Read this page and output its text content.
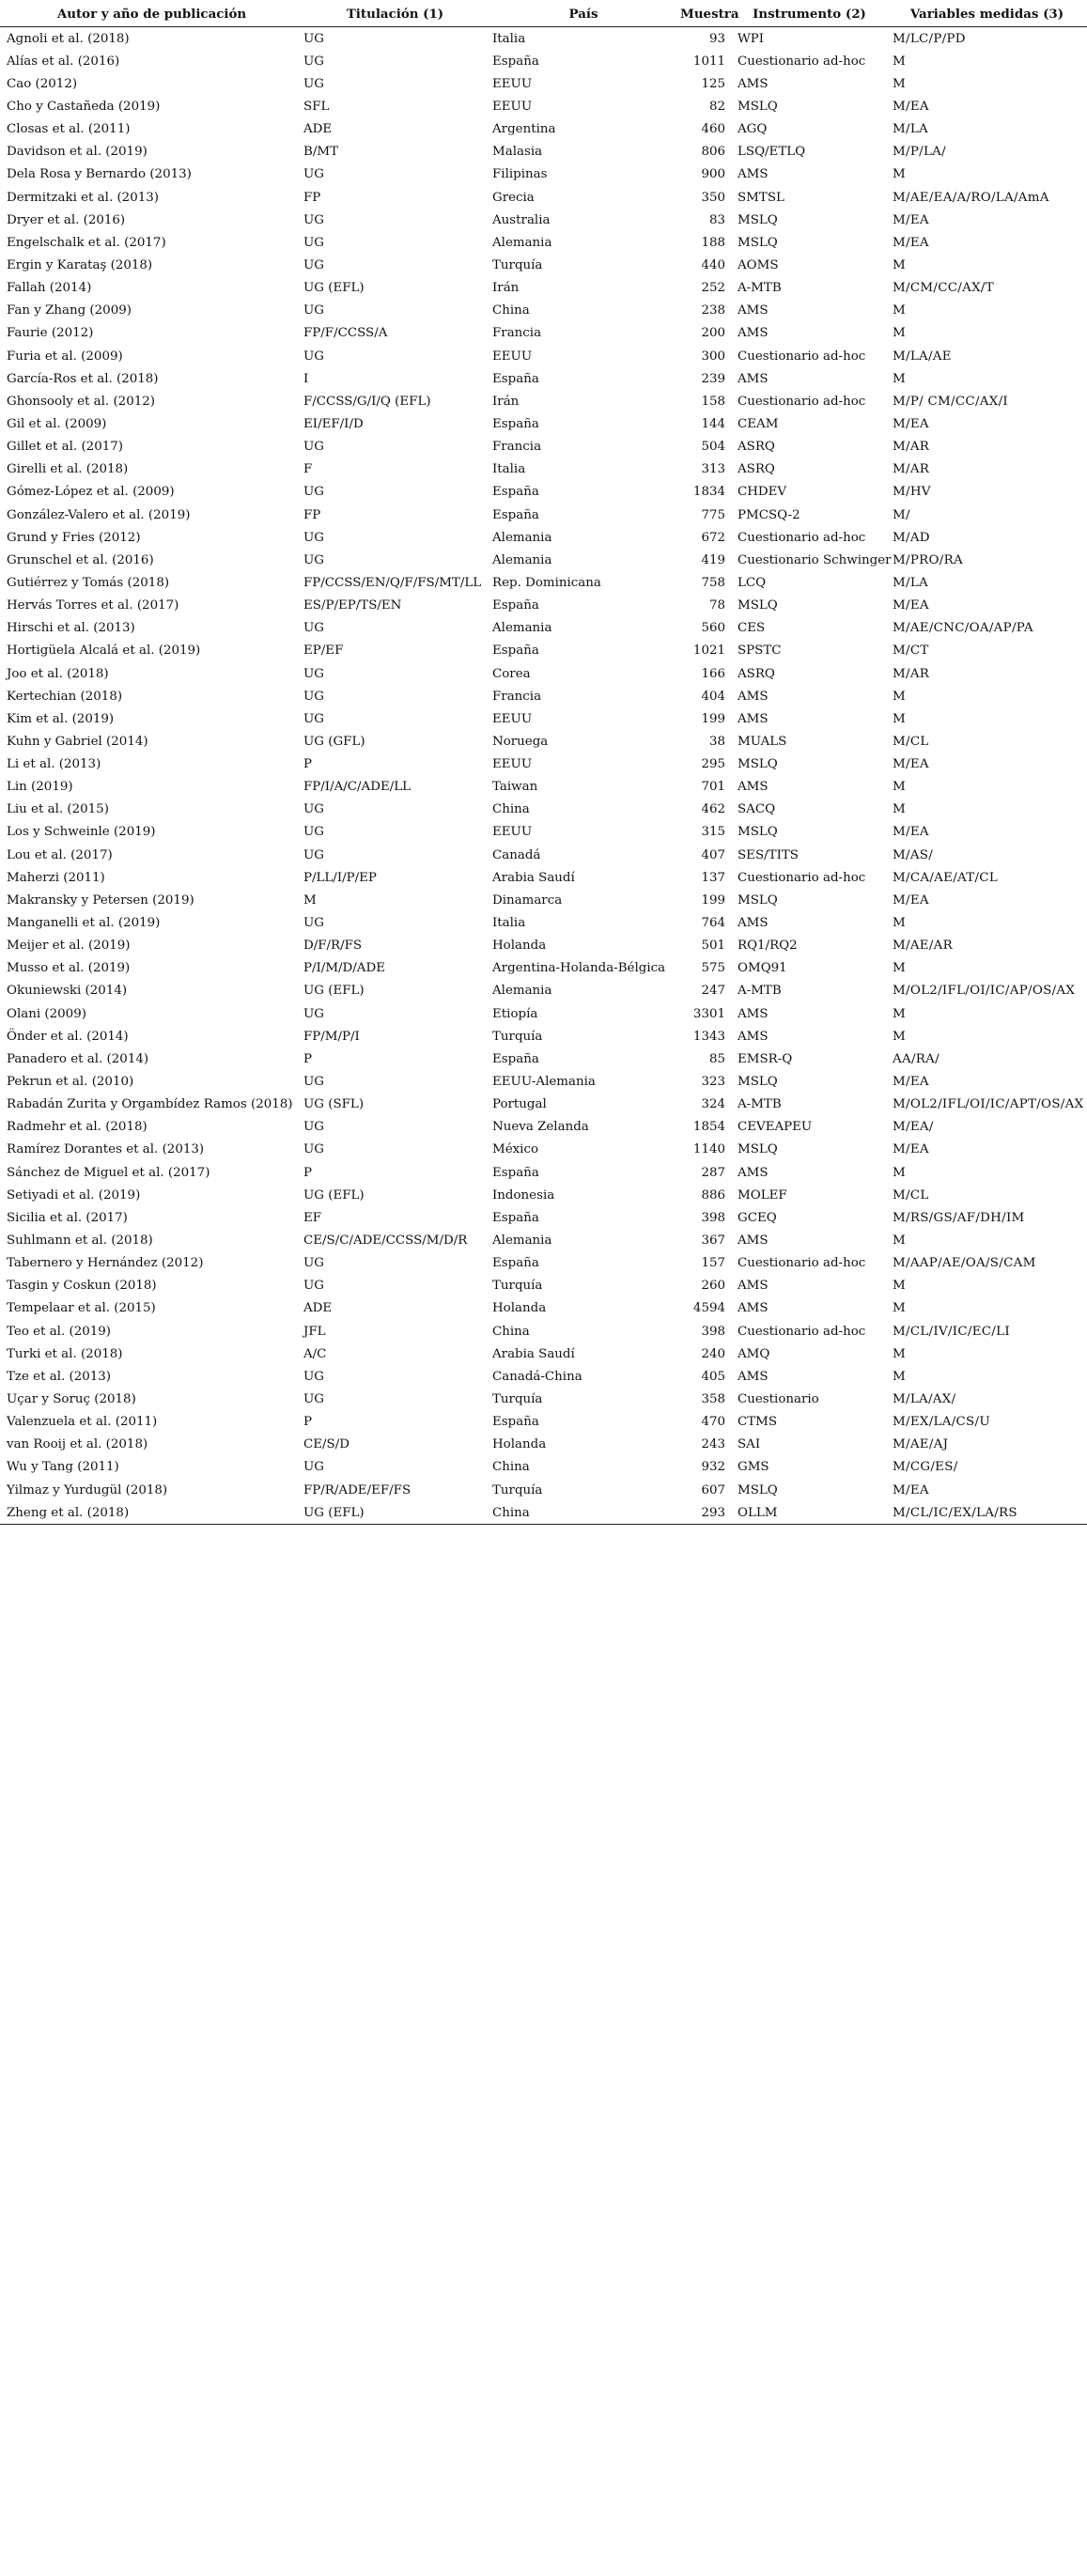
Autor y año de publicación	Titulación (1)	País	Muestra	Instrumento (2)	Variables medidas (3)
Agnoli et al. (2018)	UG	Italia	93	WPI	M/LC/P/PD
Alías et al. (2016)	UG	España	1011	Cuestionario ad-hoc	M
Cao (2012)	UG	EEUU	125	AMS	M
Cho y Castañeda (2019)	SFL	EEUU	82	MSLQ	M/EA
Closas et al. (2011)	ADE	Argentina	460	AGQ	M/LA
Davidson et al. (2019)	B/MT	Malasia	806	LSQ/ETLQ	M/P/LA/
Dela Rosa y Bernardo (2013)	UG	Filipinas	900	AMS	M
Dermitzaki et al. (2013)	FP	Grecia	350	SMTSL	M/AE/EA/A/RO/LA/AmA
Dryer et al. (2016)	UG	Australia	83	MSLQ	M/EA
Engelschalk et al. (2017)	UG	Alemania	188	MSLQ	M/EA
Ergin y Karataş (2018)	UG	Turquía	440	AOMS	M
Fallah (2014)	UG (EFL)	Irán	252	A-MTB	M/CM/CC/AX/T
Fan y Zhang (2009)	UG	China	238	AMS	M
Faurie (2012)	FP/F/CCSS/A	Francia	200	AMS	M
Furia et al. (2009)	UG	EEUU	300	Cuestionario ad-hoc	M/LA/AE
García-Ros et al. (2018)	I	España	239	AMS	M
Ghonsooly et al. (2012)	F/CCSS/G/I/Q (EFL)	Irán	158	Cuestionario ad-hoc	M/P/ CM/CC/AX/I
Gil et al. (2009)	EI/EF/I/D	España	144	CEAM	M/EA
Gillet et al. (2017)	UG	Francia	504	ASRQ	M/AR
Girelli et al. (2018)	F	Italia	313	ASRQ	M/AR
Gómez-López et al. (2009)	UG	España	1834	CHDEV	M/HV
González-Valero et al. (2019)	FP	España	775	PMCSQ-2	M/
Grund y Fries (2012)	UG	Alemania	672	Cuestionario ad-hoc	M/AD
Grunschel et al. (2016)	UG	Alemania	419	Cuestionario Schwinger	M/PRO/RA
Gutiérrez y Tomás (2018)	FP/CCSS/EN/Q/F/FS/MT/LL	Rep. Dominicana	758	LCQ	M/LA
Hervás Torres et al. (2017)	ES/P/EP/TS/EN	España	78	MSLQ	M/EA
Hirschi et al. (2013)	UG	Alemania	560	CES	M/AE/CNC/OA/AP/PA
Hortigüela Alcalá et al. (2019)	EP/EF	España	1021	SPSTC	M/CT
Joo et al. (2018)	UG	Corea	166	ASRQ	M/AR
Kertechian (2018)	UG	Francia	404	AMS	M
Kim et al. (2019)	UG	EEUU	199	AMS	M
Kuhn y Gabriel (2014)	UG (GFL)	Noruega	38	MUALS	M/CL
Li et al. (2013)	P	EEUU	295	MSLQ	M/EA
Lin (2019)	FP/I/A/C/ADE/LL	Taiwan	701	AMS	M
Liu et al. (2015)	UG	China	462	SACQ	M
Los y Schweinle (2019)	UG	EEUU	315	MSLQ	M/EA
Lou et al. (2017)	UG	Canadá	407	SES/TITS	M/AS/
Maherzi (2011)	P/LL/I/P/EP	Arabia Saudí	137	Cuestionario ad-hoc	M/CA/AE/AT/CL
Makransky y Petersen (2019)	M	Dinamarca	199	MSLQ	M/EA
Manganelli et al. (2019)	UG	Italia	764	AMS	M
Meijer et al. (2019)	D/F/R/FS	Holanda	501	RQ1/RQ2	M/AE/AR
Musso et al. (2019)	P/I/M/D/ADE	Argentina-Holanda-Bélgica	575	OMQ91	M
Okuniewski (2014)	UG (EFL)	Alemania	247	A-MTB	M/OL2/IFL/OI/IC/AP/OS/AX
Olani (2009)	UG	Etiopía	3301	AMS	M
Önder et al. (2014)	FP/M/P/I	Turquía	1343	AMS	M
Panadero et al. (2014)	P	España	85	EMSR-Q	AA/RA/
Pekrun et al. (2010)	UG	EEUU-Alemania	323	MSLQ	M/EA
Rabadán Zurita y Orgambídez Ramos (2018)	UG (SFL)	Portugal	324	A-MTB	M/OL2/IFL/OI/IC/APT/OS/AX
Radmehr et al. (2018)	UG	Nueva Zelanda	1854	CEVEAPEU	M/EA/
Ramírez Dorantes et al. (2013)	UG	México	1140	MSLQ	M/EA
Sánchez de Miguel et al. (2017)	P	España	287	AMS	M
Setiyadi et al. (2019)	UG (EFL)	Indonesia	886	MOLEF	M/CL
Sicilia et al. (2017)	EF	España	398	GCEQ	M/RS/GS/AF/DH/IM
Suhlmann et al. (2018)	CE/S/C/ADE/CCSS/M/D/R	Alemania	367	AMS	M
Tabernero y Hernández (2012)	UG	España	157	Cuestionario ad-hoc	M/AAP/AE/OA/S/CAM
Tasgin y Coskun (2018)	UG	Turquía	260	AMS	M
Tempelaar et al. (2015)	ADE	Holanda	4594	AMS	M
Teo et al. (2019)	JFL	China	398	Cuestionario ad-hoc	M/CL/IV/IC/EC/LI
Turki et al. (2018)	A/C	Arabia Saudí	240	AMQ	M
Tze et al. (2013)	UG	Canadá-China	405	AMS	M
Uçar y Soruç (2018)	UG	Turquía	358	Cuestionario	M/LA/AX/
Valenzuela et al. (2011)	P	España	470	CTMS	M/EX/LA/CS/U
van Rooij et al. (2018)	CE/S/D	Holanda	243	SAI	M/AE/AJ
Wu y Tang (2011)	UG	China	932	GMS	M/CG/ES/
Yilmaz y Yurdugül (2018)	FP/R/ADE/EF/FS	Turquía	607	MSLQ	M/EA
Zheng et al. (2018)	UG (EFL)	China	293	OLLM	M/CL/IC/EX/LA/RS
